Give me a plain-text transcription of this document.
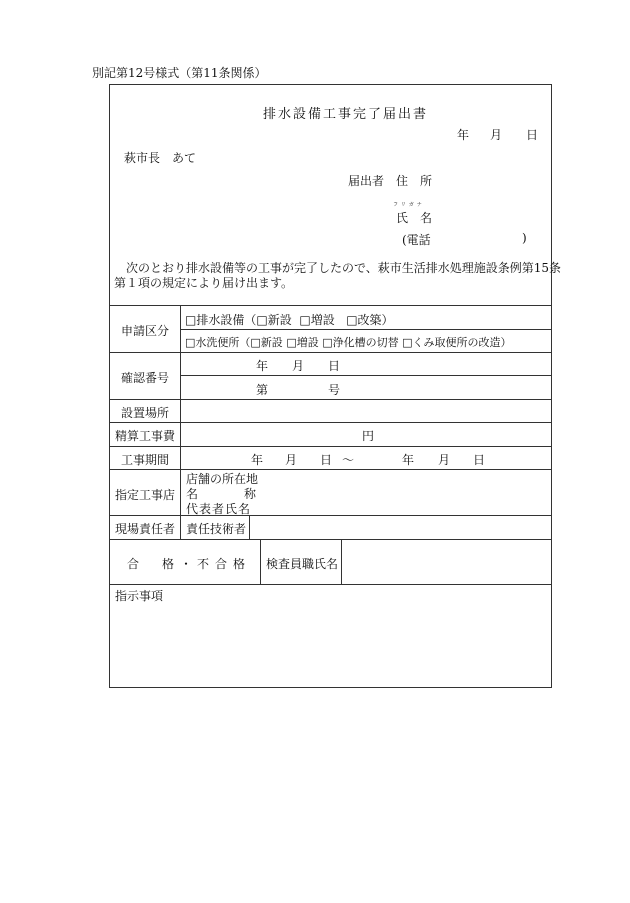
別記第12号様式（第11条関係）
排水設備工事完了届出書
年 月 日
萩市長　あて
届出者 住　所
フリガナ
氏　名
(電話	)
次のとおり排水設備等の工事が完了したので、萩市生活排水処理施設条例第15条
第１項の規定により届け出ます。
申請区分
□排水設備（□新設 □増設 □改築）
□水洗便所（□新設 □増設 □浄化槽の切替 □くみ取便所の改造）
確認番号
年 月 日
第	号
設置場所
精算工事費	円
工事期間	年 月 日 ～	年 月 日
指定工事店
店舗の所在地
名	称
代表者氏名
現場責任者 責任技術者
合 格 ・ 不合格 検査員職氏名
指示事項
